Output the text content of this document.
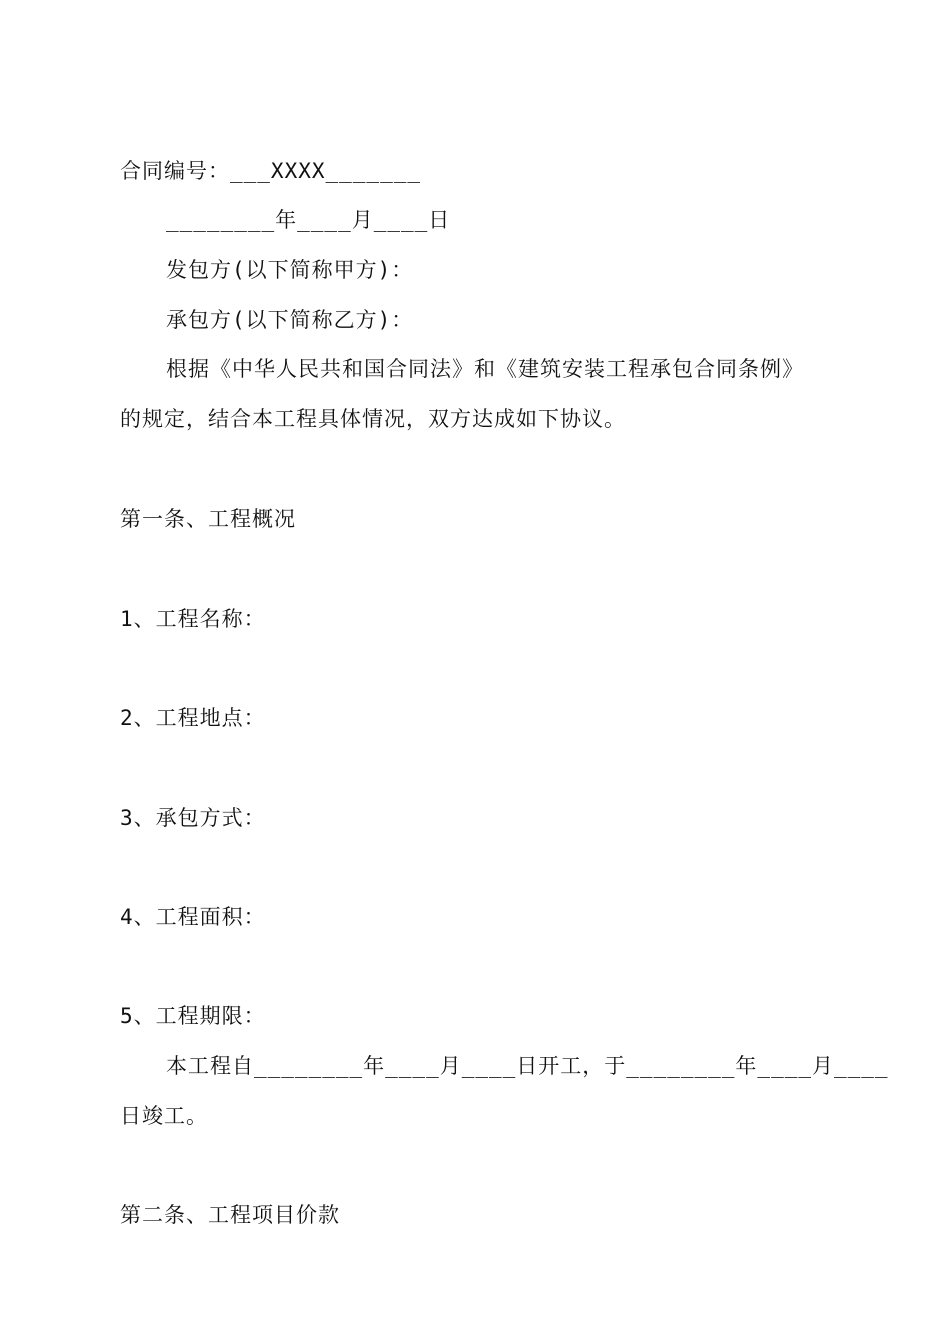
合同编号：___XXXX_______
________年____月____日
发包方(以下简称甲方)：
承包方(以下简称乙方)：
根据《中华人民共和国合同法》和《建筑安装工程承包合同条例》
的规定，结合本工程具体情况，双方达成如下协议。
第一条、工程概况
1、工程名称：
2、工程地点：
3、承包方式：
4、工程面积：
5、工程期限：
本工程自________年____月____日开工，于________年____月____
日竣工。
第二条、工程项目价款
